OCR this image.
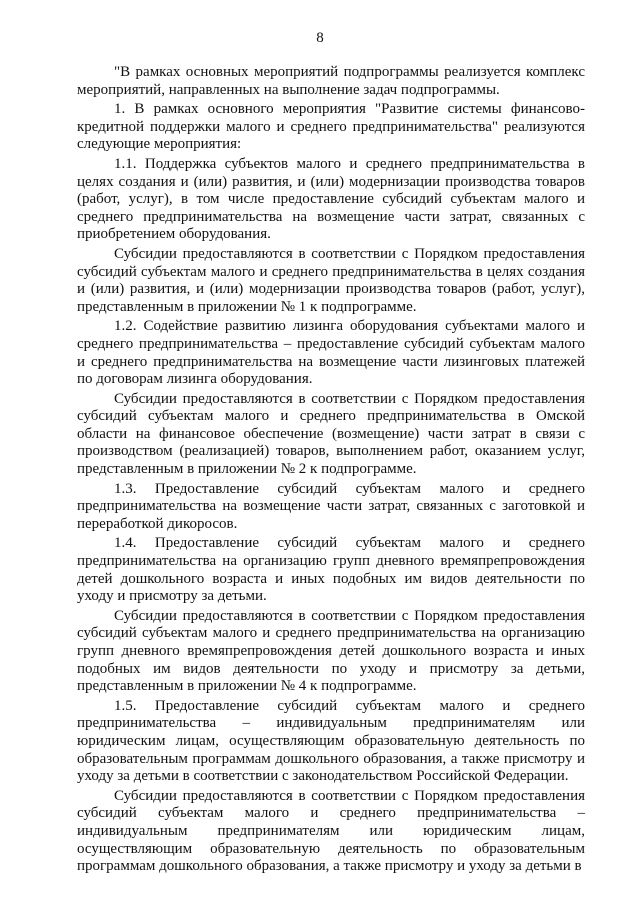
8

"В рамках основных мероприятий подпрограммы реализуется комплекс мероприятий, направленных на выполнение задач подпрограммы.

1. В рамках основного мероприятия "Развитие системы финансово-кредитной поддержки малого и среднего предпринимательства" реализуются следующие мероприятия:

1.1. Поддержка субъектов малого и среднего предпринимательства в целях создания и (или) развития, и (или) модернизации производства товаров (работ, услуг), в том числе предоставление субсидий субъектам малого и среднего предпринимательства на возмещение части затрат, связанных с приобретением оборудования.

Субсидии предоставляются в соответствии с Порядком предоставления субсидий субъектам малого и среднего предпринимательства в целях создания и (или) развития, и (или) модернизации производства товаров (работ, услуг), представленным в приложении № 1 к подпрограмме.

1.2. Содействие развитию лизинга оборудования субъектами малого и среднего предпринимательства – предоставление субсидий субъектам малого и среднего предпринимательства на возмещение части лизинговых платежей по договорам лизинга оборудования.

Субсидии предоставляются в соответствии с Порядком предоставления субсидий субъектам малого и среднего предпринимательства в Омской области на финансовое обеспечение (возмещение) части затрат в связи с производством (реализацией) товаров, выполнением работ, оказанием услуг, представленным в приложении № 2 к подпрограмме.

1.3. Предоставление субсидий субъектам малого и среднего предпринимательства на возмещение части затрат, связанных с заготовкой и переработкой дикоросов.

1.4. Предоставление субсидий субъектам малого и среднего предпринимательства на организацию групп дневного времяпрепровождения детей дошкольного возраста и иных подобных им видов деятельности по уходу и присмотру за детьми.

Субсидии предоставляются в соответствии с Порядком предоставления субсидий субъектам малого и среднего предпринимательства на организацию групп дневного времяпрепровождения детей дошкольного возраста и иных подобных им видов деятельности по уходу и присмотру за детьми, представленным в приложении № 4 к подпрограмме.

1.5. Предоставление субсидий субъектам малого и среднего предпринимательства – индивидуальным предпринимателям или юридическим лицам, осуществляющим образовательную деятельность по образовательным программам дошкольного образования, а также присмотру и уходу за детьми в соответствии с законодательством Российской Федерации.

Субсидии предоставляются в соответствии с Порядком предоставления субсидий субъектам малого и среднего предпринимательства – индивидуальным предпринимателям или юридическим лицам, осуществляющим образовательную деятельность по образовательным программам дошкольного образования, а также присмотру и уходу за детьми в
